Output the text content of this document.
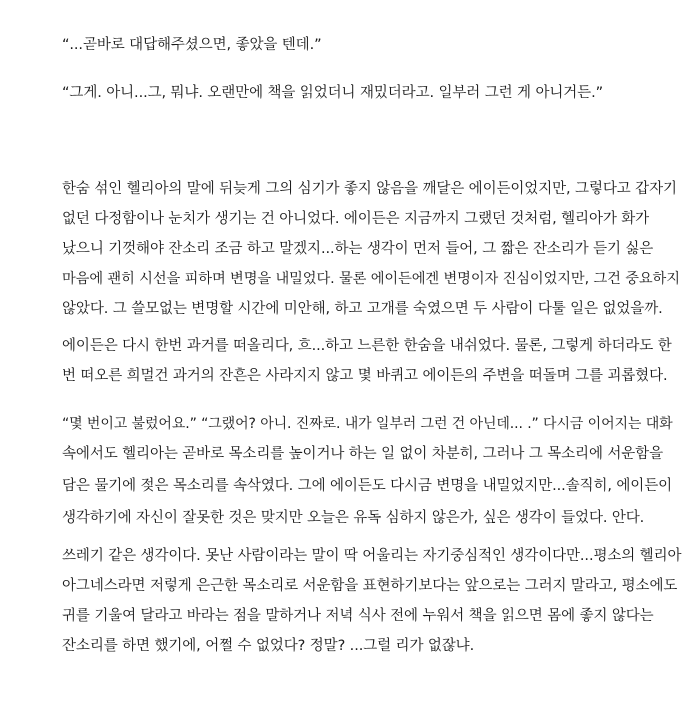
“...곧바로 대답해주셨으면, 좋았을 텐데.”
“그게. 아니...그, 뭐냐. 오랜만에 책을 읽었더니 재밌더라고. 일부러 그런 게 아니거든.”
한숨 섞인 헬리아의 말에 뒤늦게 그의 심기가 좋지 않음을 깨달은 에이든이었지만, 그렇다고 갑자기
없던 다정함이나 눈치가 생기는 건 아니었다. 에이든은 지금까지 그랬던 것처럼, 헬리아가 화가
났으니 기껏해야 잔소리 조금 하고 말겠지...하는 생각이 먼저 들어, 그 짧은 잔소리가 듣기 싫은
마음에 괜히 시선을 피하며 변명을 내밀었다. 물론 에이든에겐 변명이자 진심이었지만, 그건 중요하지
않았다. 그 쓸모없는 변명할 시간에 미안해, 하고 고개를 숙였으면 두 사람이 다툴 일은 없었을까.
에이든은 다시 한번 과거를 떠올리다, 흐...하고 느른한 한숨을 내쉬었다. 물론, 그렇게 하더라도 한
번 떠오른 희멀건 과거의 잔흔은 사라지지 않고 몇 바퀴고 에이든의 주변을 떠돌며 그를 괴롭혔다.
“몇 번이고 불렀어요.” “그랬어? 아니. 진짜로. 내가 일부러 그런 건 아닌데... .” 다시금 이어지는 대화
속에서도 헬리아는 곧바로 목소리를 높이거나 하는 일 없이 차분히, 그러나 그 목소리에 서운함을
담은 물기에 젖은 목소리를 속삭였다. 그에 에이든도 다시금 변명을 내밀었지만...솔직히, 에이든이
생각하기에 자신이 잘못한 것은 맞지만 오늘은 유독 심하지 않은가, 싶은 생각이 들었다. 안다.
쓰레기 같은 생각이다. 못난 사람이라는 말이 딱 어울리는 자기중심적인 생각이다만...평소의 헬리아
아그네스라면 저렇게 은근한 목소리로 서운함을 표현하기보다는 앞으로는 그러지 말라고, 평소에도
귀를 기울여 달라고 바라는 점을 말하거나 저녁 식사 전에 누워서 책을 읽으면 몸에 좋지 않다는
잔소리를 하면 했기에, 어쩔 수 없었다? 정말? ...그럴 리가 없잖냐.
